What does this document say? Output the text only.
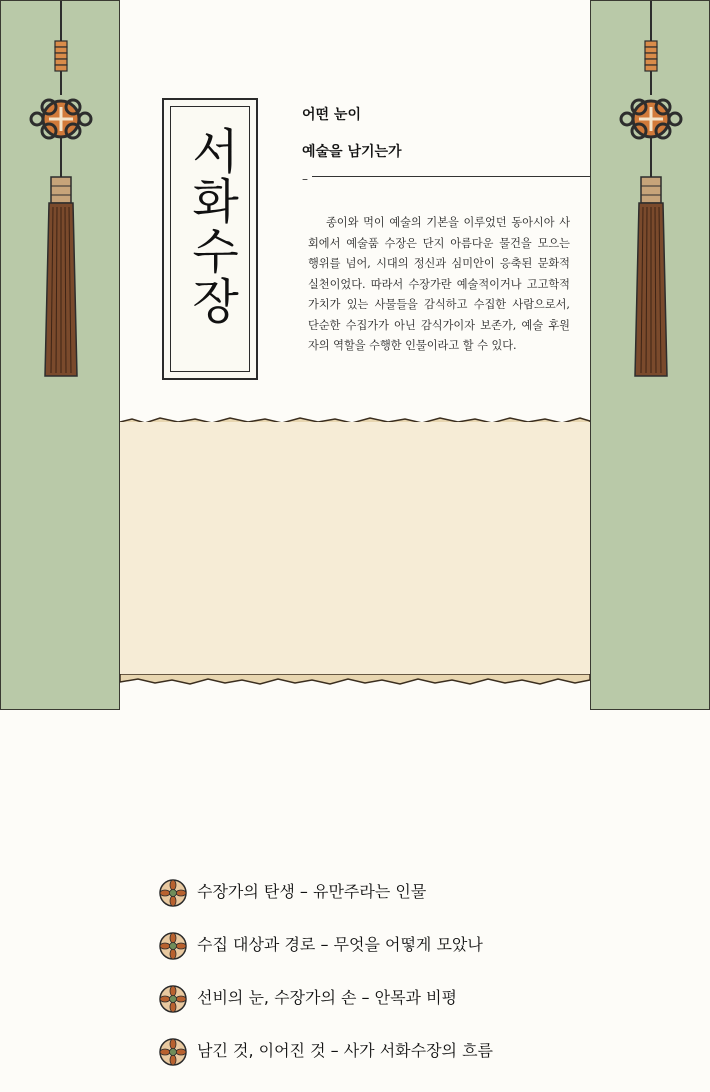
서화수장
어떤 눈이
예술을 남기는가
–

종이와 먹이 예술의 기본을 이루었던 동아시아 사회에서 예술품 수장은 단지 아름다운 물건을 모으는 행위를 넘어, 시대의 정신과 심미안이 응축된 문화적 실천이었다. 따라서 수장가란 예술적이거나 고고학적 가치가 있는 사물들을 감식하고 수집한 사람으로서, 단순한 수집가가 아닌 감식가이자 보존가, 예술 후원자의 역할을 수행한 인물이라고 할 수 있다.

수장가의 탄생 – 유만주라는 인물
수집 대상과 경로 – 무엇을 어떻게 모았나
선비의 눈, 수장가의 손 – 안목과 비평
남긴 것, 이어진 것 – 사가 서화수장의 흐름
